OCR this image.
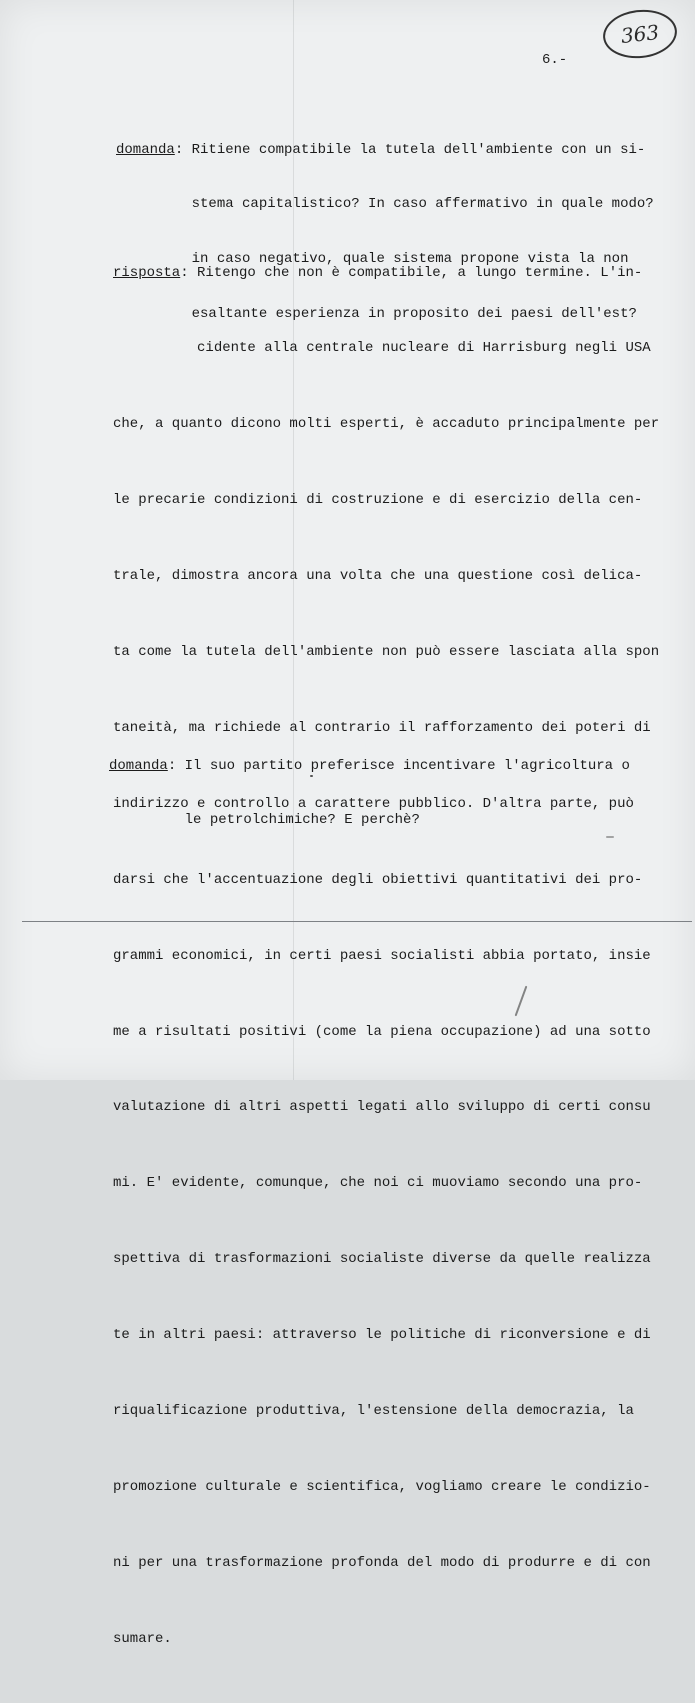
363
6.-

domanda: Ritiene compatibile la tutela dell'ambiente con un si-

stema capitalistico? In caso affermativo in quale modo?

in caso negativo, quale sistema propone vista la non

esaltante esperienza in proposito dei paesi dell'est?

risposta: Ritengo che non è compatibile, a lungo termine. L'in-

cidente alla centrale nucleare di Harrisburg negli USA

che, a quanto dicono molti esperti, è accaduto principalmente per

le precarie condizioni di costruzione e di esercizio della cen-

trale, dimostra ancora una volta che una questione così delica-

ta come la tutela dell'ambiente non può essere lasciata alla spon

taneità, ma richiede al contrario il rafforzamento dei poteri di

indirizzo e controllo a carattere pubblico. D'altra parte, può

darsi che l'accentuazione degli obiettivi quantitativi dei pro-

grammi economici, in certi paesi socialisti abbia portato, insie

me a risultati positivi (come la piena occupazione) ad una sotto

valutazione di altri aspetti legati allo sviluppo di certi consu

mi. E' evidente, comunque, che noi ci muoviamo secondo una pro-

spettiva di trasformazioni socialiste diverse da quelle realizza

te in altri paesi: attraverso le politiche di riconversione e di

riqualificazione produttiva, l'estensione della democrazia, la

promozione culturale e scientifica, vogliamo creare le condizio-

ni per una trasformazione profonda del modo di produrre e di con

sumare.

domanda: Il suo partito preferisce incentivare l'agricoltura o

le petrolchimiche? E perchè?
